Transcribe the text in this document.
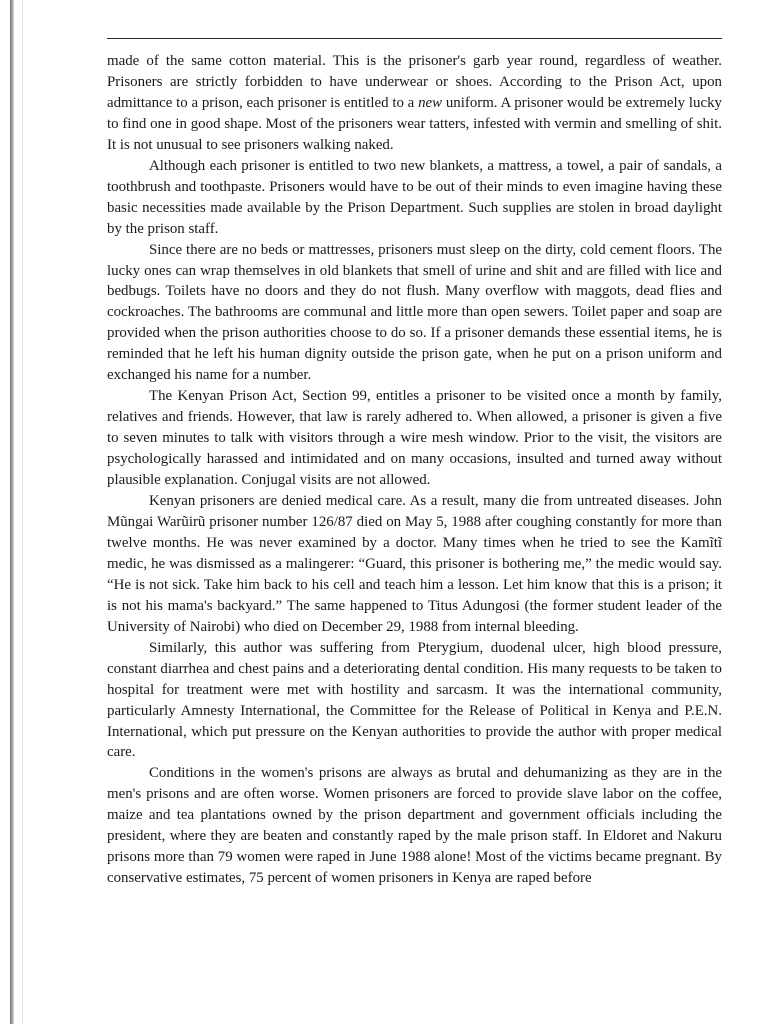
made of the same cotton material. This is the prisoner's garb year round, regardless of weather. Prisoners are strictly forbidden to have underwear or shoes. According to the Prison Act, upon admittance to a prison, each prisoner is entitled to a new uniform. A prisoner would be extremely lucky to find one in good shape. Most of the prisoners wear tatters, infested with vermin and smelling of shit. It is not unusual to see prisoners walking naked.

Although each prisoner is entitled to two new blankets, a mattress, a towel, a pair of sandals, a toothbrush and toothpaste. Prisoners would have to be out of their minds to even imagine having these basic necessities made available by the Prison Department. Such supplies are stolen in broad daylight by the prison staff.

Since there are no beds or mattresses, prisoners must sleep on the dirty, cold cement floors. The lucky ones can wrap themselves in old blankets that smell of urine and shit and are filled with lice and bedbugs. Toilets have no doors and they do not flush. Many overflow with maggots, dead flies and cockroaches. The bathrooms are communal and little more than open sewers. Toilet paper and soap are provided when the prison authorities choose to do so. If a prisoner demands these essential items, he is reminded that he left his human dignity outside the prison gate, when he put on a prison uniform and exchanged his name for a number.

The Kenyan Prison Act, Section 99, entitles a prisoner to be visited once a month by family, relatives and friends. However, that law is rarely adhered to. When allowed, a prisoner is given a five to seven minutes to talk with visitors through a wire mesh window. Prior to the visit, the visitors are psychologically harassed and intimidated and on many occasions, insulted and turned away without plausible explanation. Conjugal visits are not allowed.

Kenyan prisoners are denied medical care. As a result, many die from untreated diseases. John Mũngai Warũirũ prisoner number 126/87 died on May 5, 1988 after coughing constantly for more than twelve months. He was never examined by a doctor. Many times when he tried to see the Kamĩtĩ medic, he was dismissed as a malingerer: “Guard, this prisoner is bothering me,” the medic would say. “He is not sick. Take him back to his cell and teach him a lesson. Let him know that this is a prison; it is not his mama's backyard.” The same happened to Titus Adungosi (the former student leader of the University of Nairobi) who died on December 29, 1988 from internal bleeding.

Similarly, this author was suffering from Pterygium, duodenal ulcer, high blood pressure, constant diarrhea and chest pains and a deteriorating dental condition. His many requests to be taken to hospital for treatment were met with hostility and sarcasm. It was the international community, particularly Amnesty International, the Committee for the Release of Political in Kenya and P.E.N. International, which put pressure on the Kenyan authorities to provide the author with proper medical care.

Conditions in the women's prisons are always as brutal and dehumanizing as they are in the men's prisons and are often worse. Women prisoners are forced to provide slave labor on the coffee, maize and tea plantations owned by the prison department and government officials including the president, where they are beaten and constantly raped by the male prison staff. In Eldoret and Nakuru prisons more than 79 women were raped in June 1988 alone! Most of the victims became pregnant. By conservative estimates, 75 percent of women prisoners in Kenya are raped before
